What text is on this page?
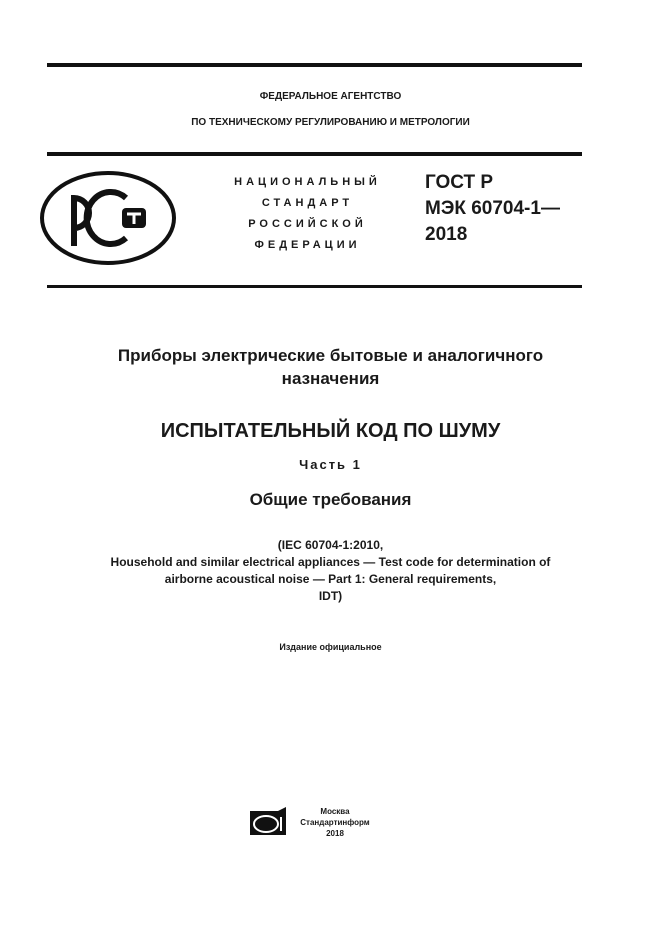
ФЕДЕРАЛЬНОЕ АГЕНТСТВО
ПО ТЕХНИЧЕСКОМУ РЕГУЛИРОВАНИЮ И МЕТРОЛОГИИ
НАЦИОНАЛЬНЫЙ
СТАНДАРТ
РОССИЙСКОЙ
ФЕДЕРАЦИИ
ГОСТ Р
МЭК 60704-1—
2018
Приборы электрические бытовые и аналогичного
назначения
ИСПЫТАТЕЛЬНЫЙ КОД ПО ШУМУ
Часть 1
Общие требования
(IEC 60704-1:2010,
Household and similar electrical appliances — Test code for determination of
airborne acoustical noise — Part 1: General requirements,
IDT)
Издание официальное
Москва
Стандартинформ
2018
